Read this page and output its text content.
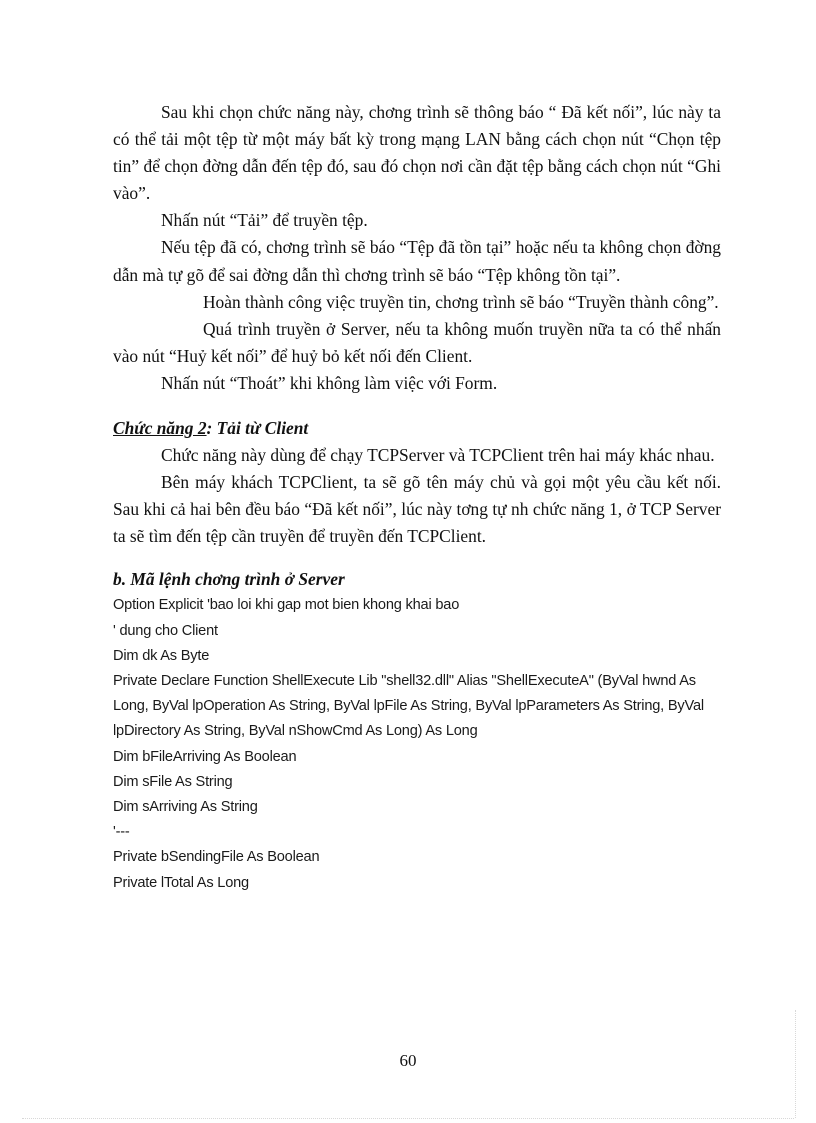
Sau khi chọn chức năng này, chơng trình sẽ thông báo “ Đã kết nối”, lúc này ta có thể tải một tệp từ một máy bất kỳ trong mạng LAN bằng cách chọn nút “Chọn tệp tin” để chọn đờng dẫn đến tệp đó, sau đó chọn nơi cần đặt tệp bằng cách chọn nút “Ghi vào”.

Nhấn nút “Tải” để truyền tệp.

Nếu tệp đã có, chơng trình sẽ báo “Tệp đã tồn tại” hoặc nếu ta không chọn đờng dẫn mà tự gõ để sai đờng dẫn thì chơng trình sẽ báo “Tệp không tồn tại”.

Hoàn thành công việc truyền tin, chơng trình sẽ báo “Truyền thành công”.

Quá trình truyền ở Server, nếu ta không muốn truyền nữa ta có thể nhấn vào nút “Huỷ kết nối” để huỷ bỏ kết nối đến Client.

Nhấn nút “Thoát” khi không làm việc với Form.

Chức năng 2: Tải từ Client

Chức năng này dùng để chạy TCPServer và TCPClient trên hai máy khác nhau.

Bên máy khách TCPClient, ta sẽ gõ tên máy chủ và gọi một yêu cầu kết nối. Sau khi cả hai bên đều báo “Đã kết nối”, lúc này tơng tự nh chức năng 1, ở TCP Server ta sẽ tìm đến tệp cần truyền để truyền đến TCPClient.

b. Mã lệnh chơng trình ở Server

Option Explicit 'bao loi khi gap mot bien khong khai bao

' dung cho Client

Dim dk As Byte

Private Declare Function ShellExecute Lib "shell32.dll" Alias "ShellExecuteA" (ByVal hwnd As Long, ByVal lpOperation As String, ByVal lpFile As String, ByVal lpParameters As String, ByVal lpDirectory As String, ByVal nShowCmd As Long) As Long

Dim bFileArriving As Boolean

Dim sFile As String

Dim sArriving As String

'---

Private bSendingFile As Boolean

Private lTotal As Long

60
